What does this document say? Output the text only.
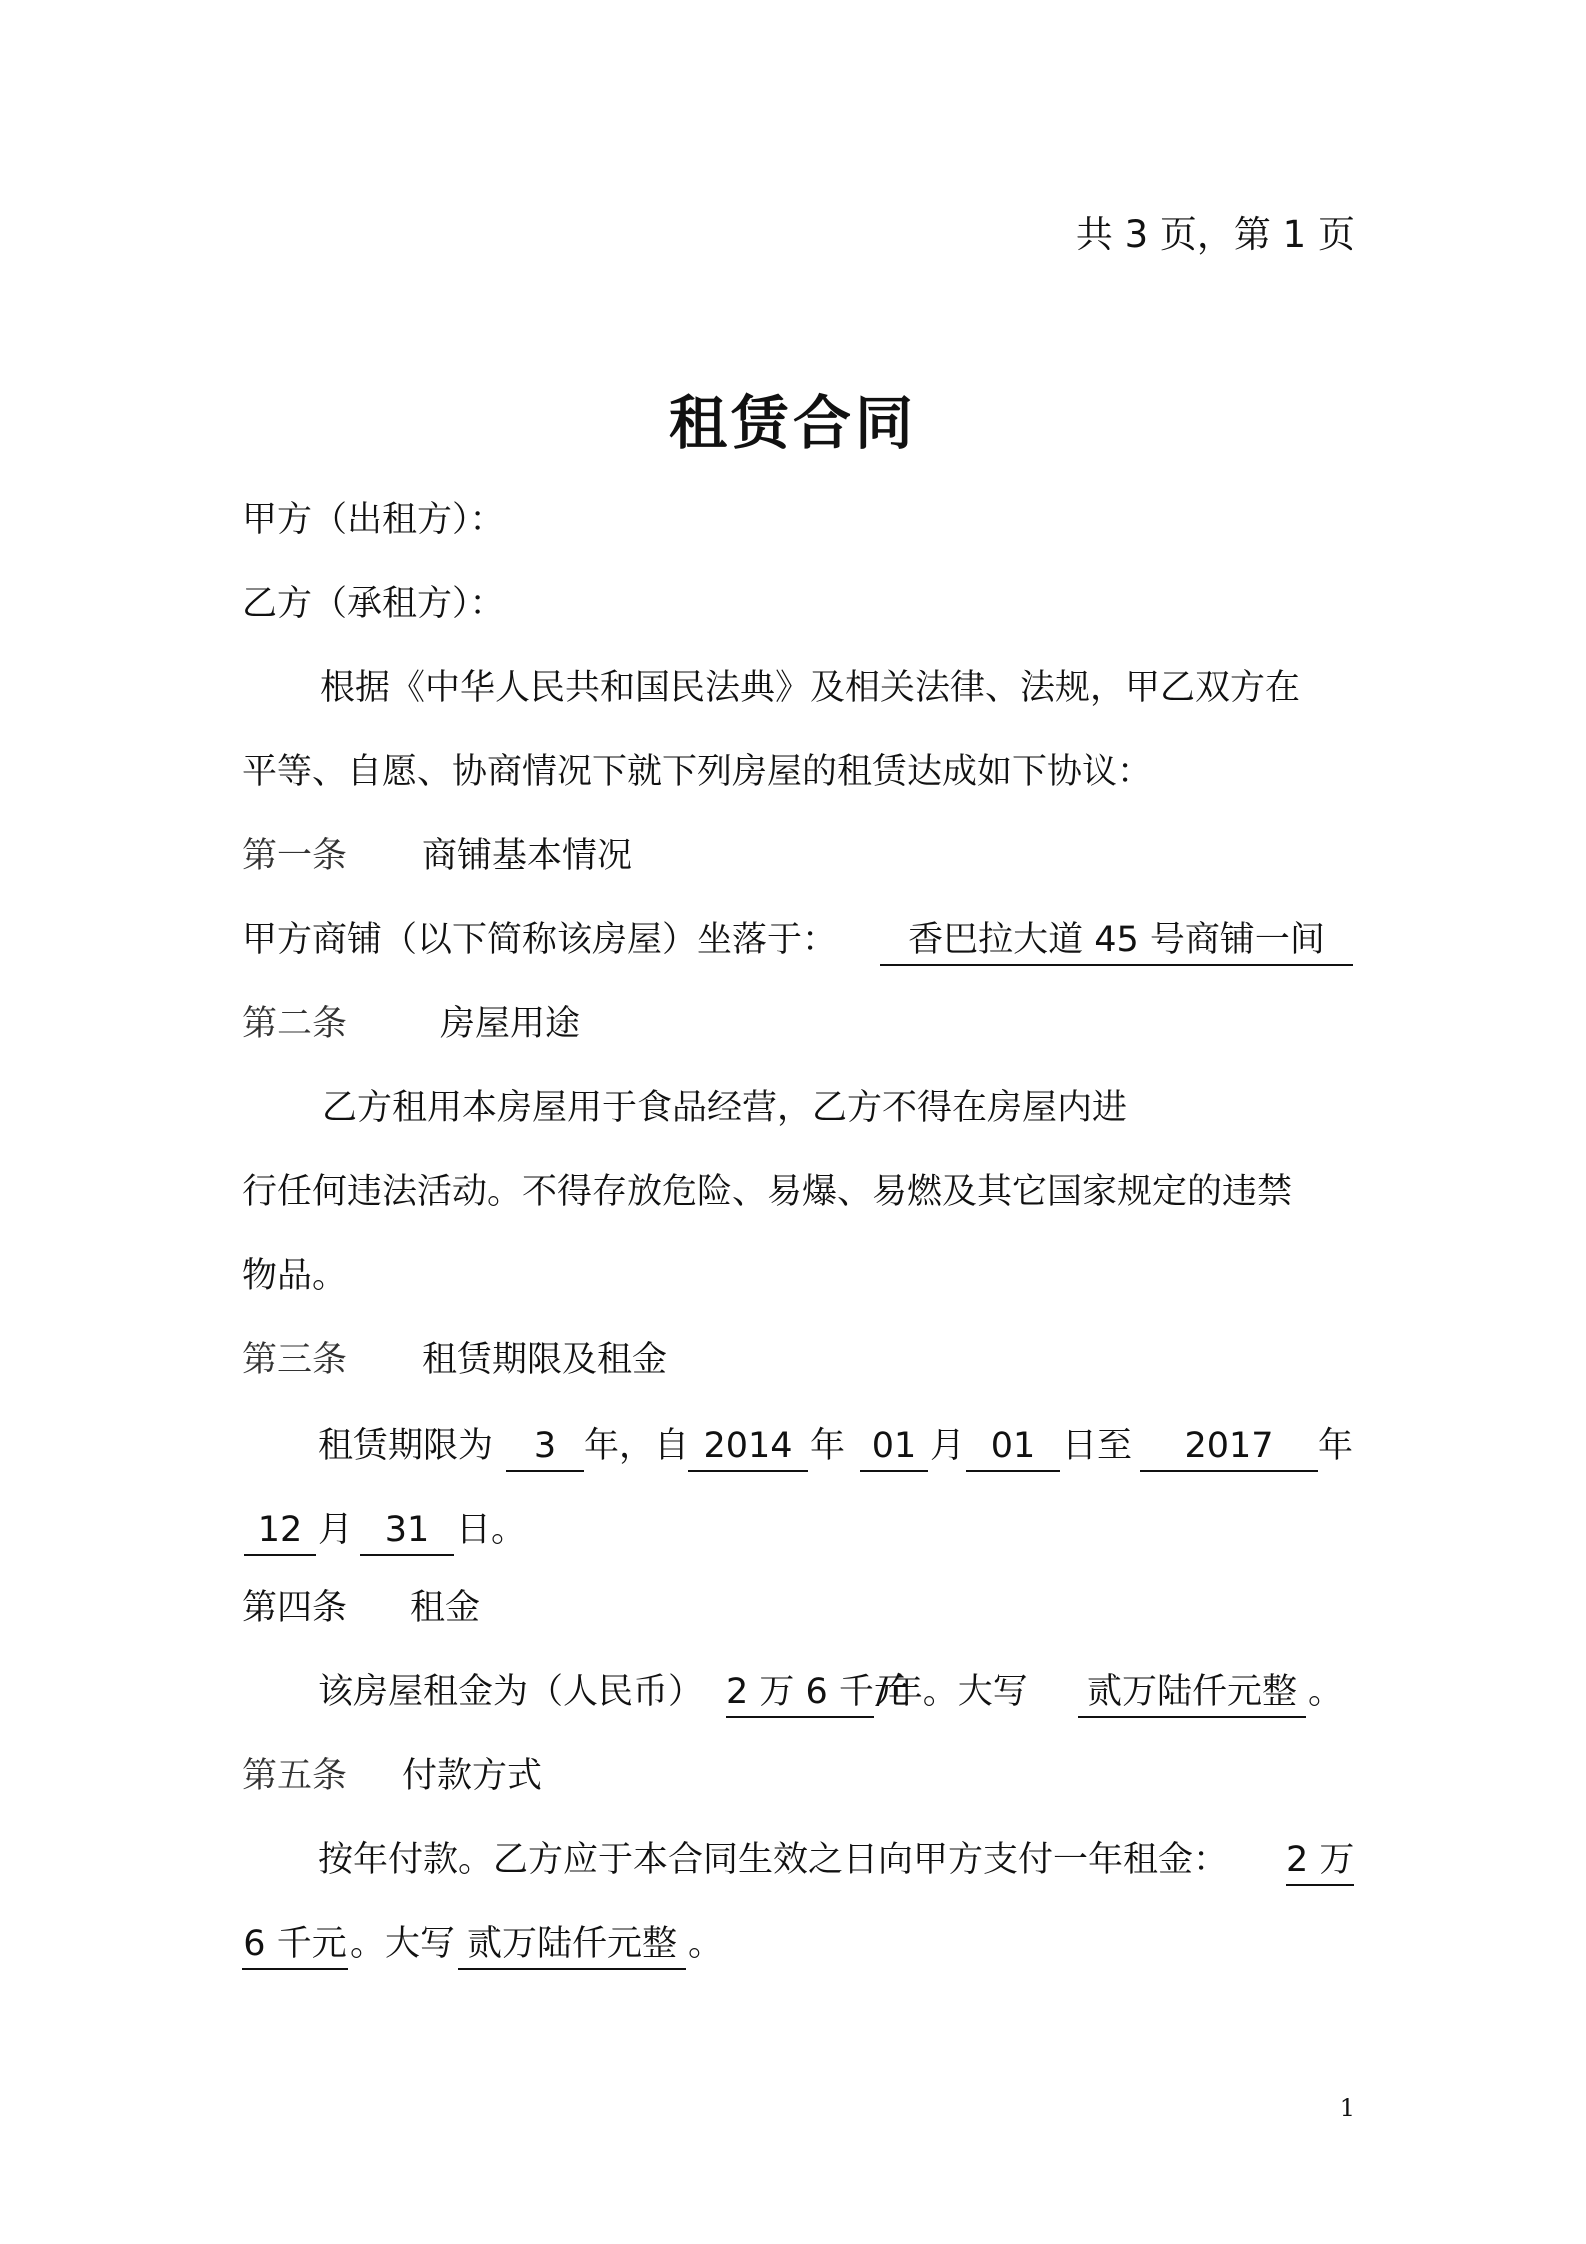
共 3 页，第 1 页
租赁合同
甲方（出租方）：
乙方（承租方）：
根据《中华人民共和国民法典》及相关法律、法规，甲乙双方在
平等、自愿、协商情况下就下列房屋的租赁达成如下协议：
第一条 商铺基本情况
甲方商铺（以下简称该房屋）坐落于：	香巴拉大道 45 号商铺一间
第二条	房屋用途
乙方租用本房屋用于食品经营，乙方不得在房屋内进
行任何违法活动。不得存放危险、易爆、易燃及其它国家规定的违禁
物品。
第三条 租赁期限及租金
租赁期限为	3 年，自 2014 年 01 月 01 日至	2017	年
12 月 31 日。
第四条 租金
该房屋租金为（人民币） 2 万 6 千元
/年。大写 贰万陆仟元整 。
第五条 付款方式
按年付款。乙方应于本合同生效之日向甲方支付一年租金： 2 万
6 千元 。大写 贰万陆仟元整 。
1
